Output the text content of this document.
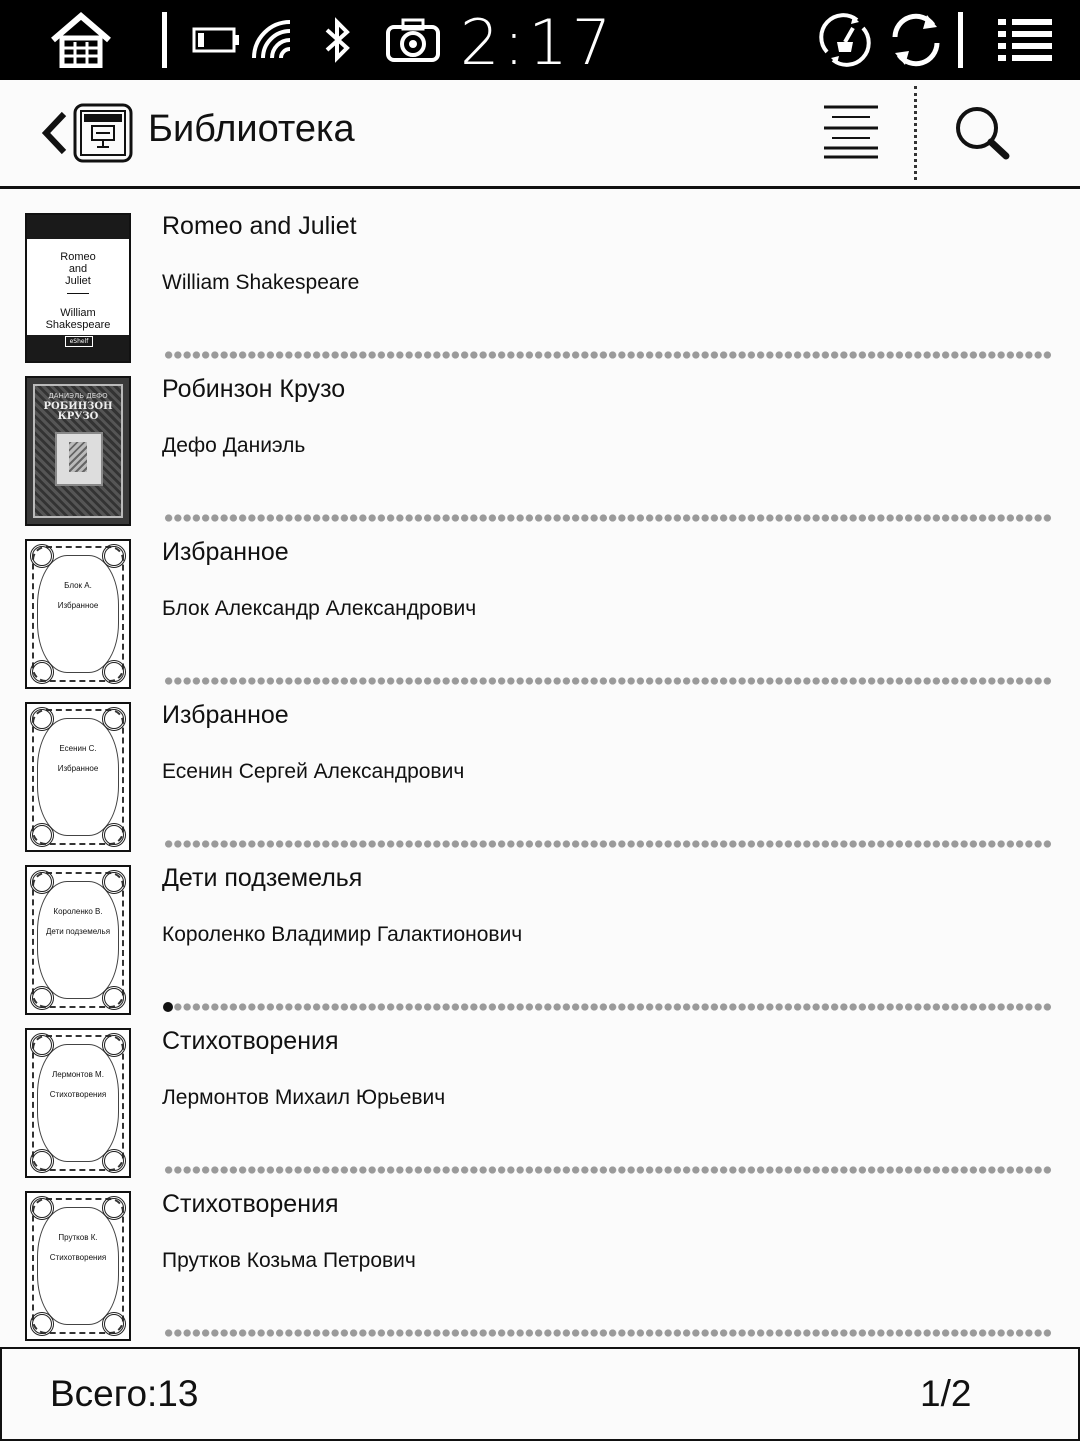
2:17
Библиотека
Romeo
and
Juliet
William
Shakespeare
eShelf
Romeo and Juliet
William Shakespeare
ДАНИЭЛЬ ДЕФО
РОБИНЗОН
КРУЗО
Робинзон Крузо
Дефо Даниэль
Блок А.
Избранное
Избранное
Блок Александр Александрович
Есенин С.
Избранное
Избранное
Есенин Сергей Александрович
Короленко В.
Дети подземелья
Дети подземелья
Короленко Владимир Галактионович
Лермонтов М.
Стихотворения
Стихотворения
Лермонтов Михаил Юрьевич
Прутков К.
Стихотворения
Стихотворения
Прутков Козьма Петрович
Всего:13	1/2
